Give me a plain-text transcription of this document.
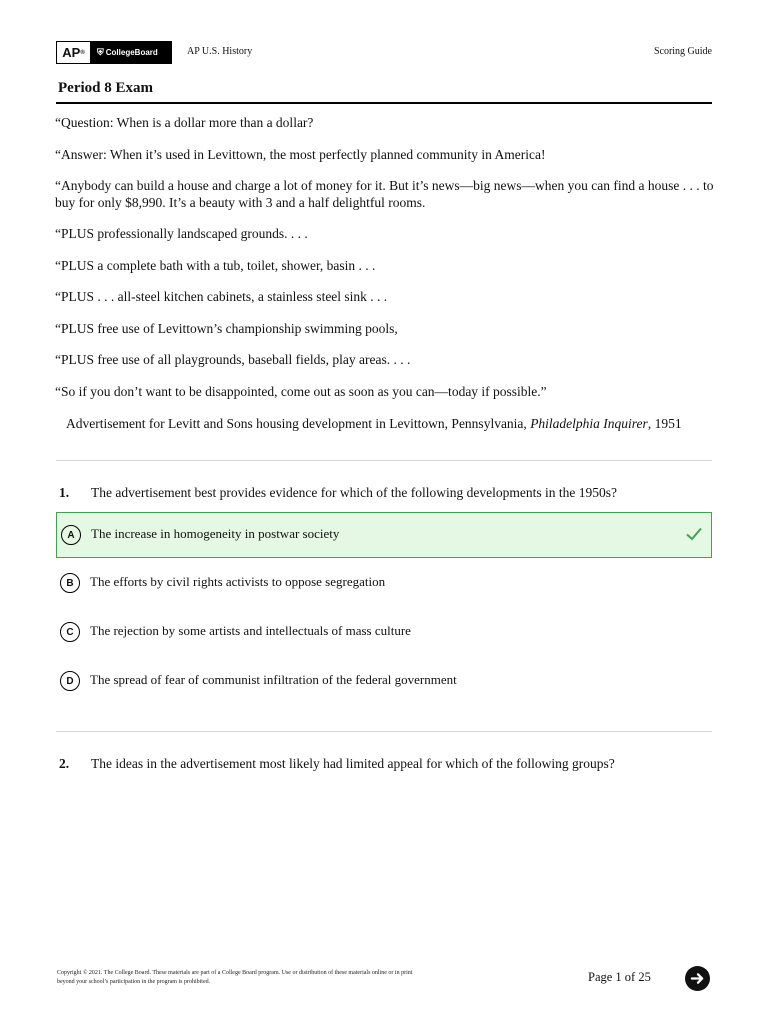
AP ® ⛨ CollegeBoard	AP U.S. History	Scoring Guide
Period 8 Exam

“Question: When is a dollar more than a dollar?

“Answer: When it’s used in Levittown, the most perfectly planned community in America!

“Anybody can build a house and charge a lot of money for it. But it’s news—big news—when you can find a house . . . to buy for only $8,990. It’s a beauty with 3 and a half delightful rooms.

“PLUS professionally landscaped grounds. . . .

“PLUS a complete bath with a tub, toilet, shower, basin . . .

“PLUS . . . all-steel kitchen cabinets, a stainless steel sink . . .

“PLUS free use of Levittown’s championship swimming pools,

“PLUS free use of all playgrounds, baseball fields, play areas. . . .

“So if you don’t want to be disappointed, come out as soon as you can—today if possible.”

Advertisement for Levitt and Sons housing development in Levittown, Pennsylvania, Philadelphia Inquirer, 1951
1. The advertisement best provides evidence for which of the following developments in the 1950s?
A	The increase in homogeneity in postwar society
B	The efforts by civil rights activists to oppose segregation
C	The rejection by some artists and intellectuals of mass culture
D	The spread of fear of communist infiltration of the federal government
2. The ideas in the advertisement most likely had limited appeal for which of the following groups?
Copyright © 2021. The College Board. These materials are part of a College Board program. Use or distribution of these materials online or in print
beyond your school’s participation in the program is prohibited.	Page 1 of 25
